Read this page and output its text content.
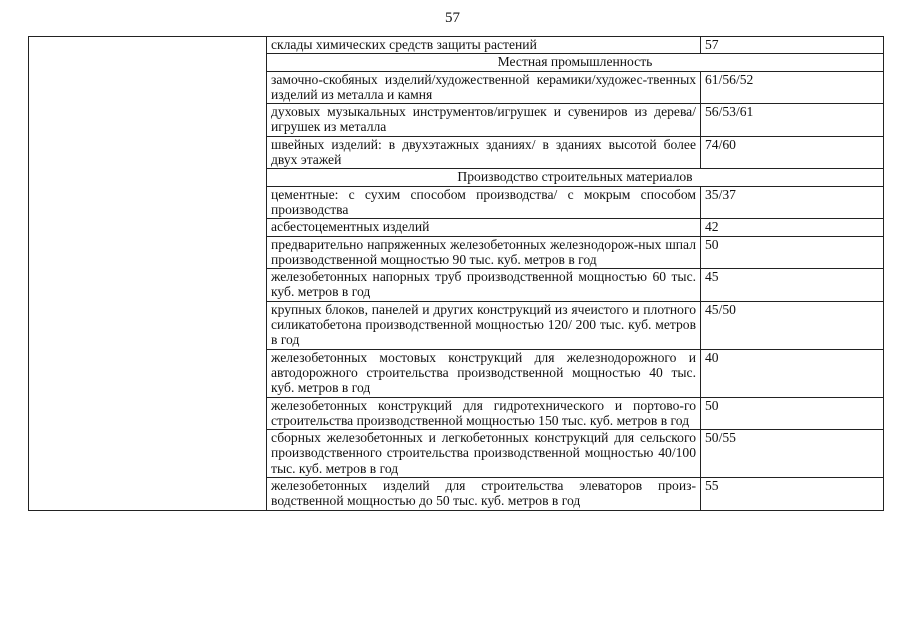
57
	склады химических средств защиты растений	57
	Местная промышленность	
	замочно-скобяных изделий/художественной керамики/художес-твенных изделий из металла и камня	61/56/52
	духовых музыкальных инструментов/игрушек и сувениров из дерева/игрушек из металла	56/53/61
	швейных изделий: в двухэтажных зданиях/ в зданиях высотой более двух этажей	74/60
	Производство строительных материалов	
	цементные: с сухим способом производства/ с мокрым способом производства	35/37
	асбестоцементных изделий	42
	предварительно напряженных железобетонных железнодорож-ных шпал производственной мощностью 90 тыс. куб. метров в год	50
	железобетонных напорных труб производственной мощностью 60 тыс. куб. метров в год	45
	крупных блоков, панелей и других конструкций из ячеистого и плотного силикатобетона производственной мощностью 120/ 200 тыс. куб. метров в год	45/50
	железобетонных мостовых конструкций для железнодорожного и автодорожного строительства производственной мощностью 40 тыс. куб. метров в год	40
	железобетонных конструкций для гидротехнического и портово-го строительства производственной мощностью 150 тыс. куб. метров в год	50
	сборных железобетонных и легкобетонных конструкций для сельского производственного строительства производственной мощностью 40/100 тыс. куб. метров в год	50/55
	железобетонных изделий для строительства элеваторов произ-водственной мощностью до 50 тыс. куб. метров в год	55
